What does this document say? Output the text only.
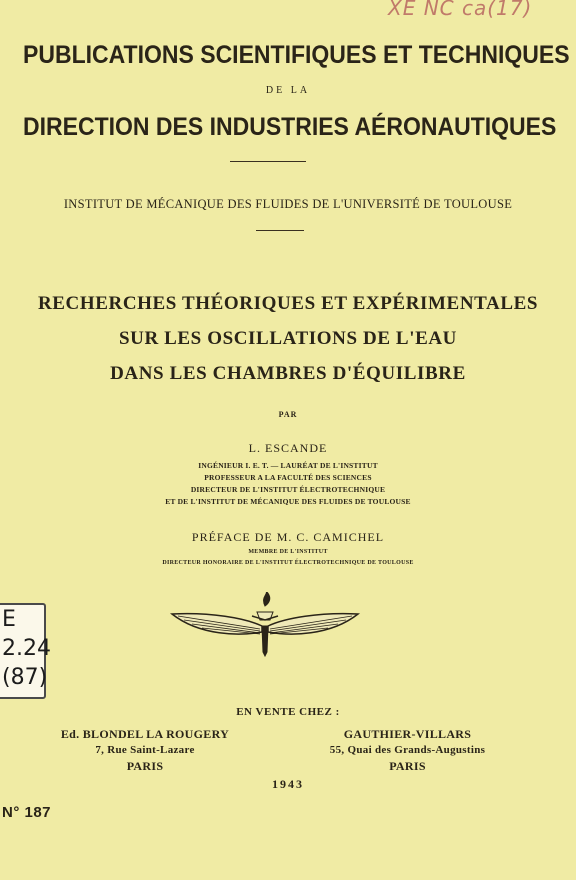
XE NC ca(17)
PUBLICATIONS SCIENTIFIQUES ET TECHNIQUES
DE LA
DIRECTION DES INDUSTRIES AÉRONAUTIQUES
INSTITUT DE MÉCANIQUE DES FLUIDES DE L'UNIVERSITÉ DE TOULOUSE
RECHERCHES THÉORIQUES ET EXPÉRIMENTALES
SUR LES OSCILLATIONS DE L'EAU
DANS LES CHAMBRES D'ÉQUILIBRE
PAR
L. ESCANDE
INGÉNIEUR I. E. T. — LAURÉAT DE L'INSTITUT
PROFESSEUR A LA FACULTÉ DES SCIENCES
DIRECTEUR DE L'INSTITUT ÉLECTROTECHNIQUE
ET DE L'INSTITUT DE MÉCANIQUE DES FLUIDES DE TOULOUSE
PRÉFACE DE M. C. CAMICHEL
MEMBRE DE L'INSTITUT
DIRECTEUR HONORAIRE DE L'INSTITUT ÉLECTROTECHNIQUE DE TOULOUSE
E
2.24
(87)
EN VENTE CHEZ :
Ed. BLONDEL LA ROUGERY
7, Rue Saint-Lazare
PARIS
GAUTHIER-VILLARS
55, Quai des Grands-Augustins
PARIS
1943
N° 187
